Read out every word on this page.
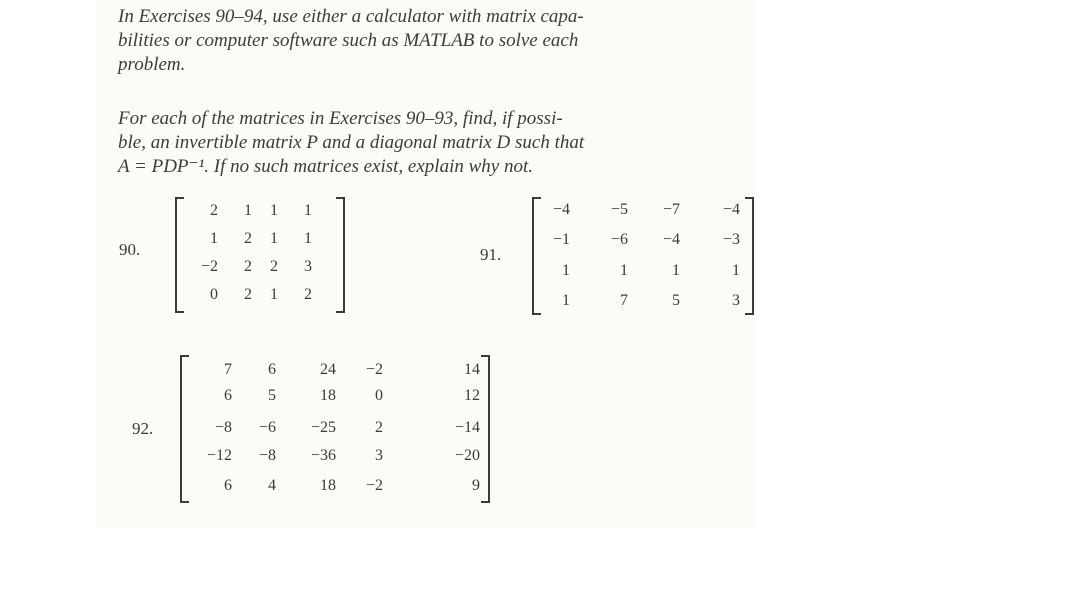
In Exercises 90–94, use either a calculator with matrix capa-
bilities or computer software such as MATLAB to solve each
problem.
For each of the matrices in Exercises 90–93, find, if possi-
ble, an invertible matrix P and a diagonal matrix D such that
A = PDP⁻¹. If no such matrices exist, explain why not.
90.
2 1 1 1
1 2 1 1
−2 2 2 3
0 2 1 2
91.
−4	−5 −7	−4
−1	−6 −4	−3
1	1	1	1
1	7	5	3
92.
7 6	24 −2	14
6 5	18 0	12
−8 −6 −25 2	−14
−12 −8 −36 3	−20
6 4	18 −2	9
